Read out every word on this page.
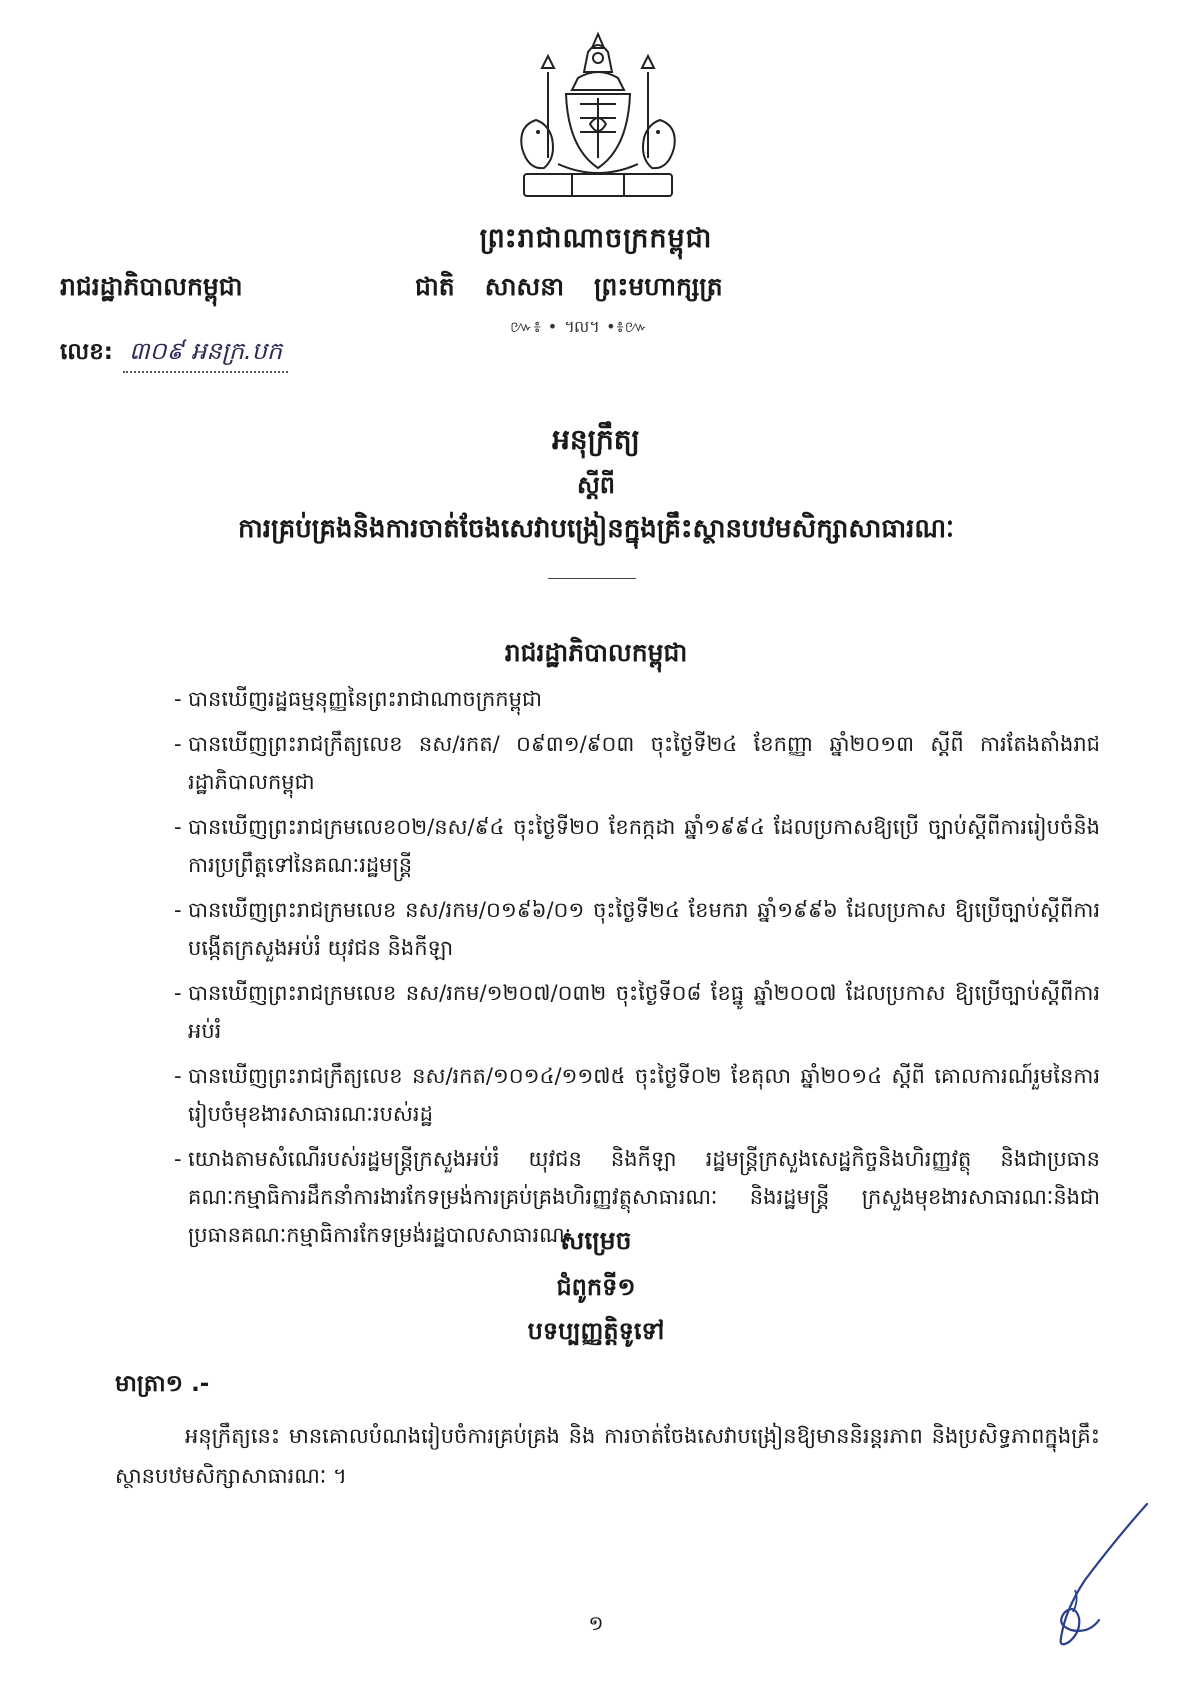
ព្រះរាជាណាចក្រកម្ពុជា
រាជរដ្ឋាភិបាលកម្ពុជា	ជាតិ សាសនា ព្រះមហាក្សត្រ
៚៖ • ៘ •៖៚
លេខ: ៣០៩ អនក្រ.បក
អនុក្រឹត្យ
ស្ដីពី
ការគ្រប់គ្រងនិងការចាត់ចែងសេវាបង្រៀនក្នុងគ្រឹះស្ថានបឋមសិក្សាសាធារណៈ
រាជរដ្ឋាភិបាលកម្ពុជា
- បានឃើញរដ្ឋធម្មនុញ្ញនៃព្រះរាជាណាចក្រកម្ពុជា
- បានឃើញព្រះរាជក្រឹត្យលេខ នស/រកត/ ០៩៣១/៩០៣ ចុះថ្ងៃទី២៤ ខែកញ្ញា ឆ្នាំ២០១៣ ស្ដីពី ការតែងតាំងរាជរដ្ឋាភិបាលកម្ពុជា
- បានឃើញព្រះរាជក្រមលេខ០២/នស/៩៤ ចុះថ្ងៃទី២០ ខែកក្កដា ឆ្នាំ១៩៩៤ ដែលប្រកាសឱ្យប្រើ ច្បាប់ស្ដីពីការរៀបចំនិងការប្រព្រឹត្តទៅនៃគណៈរដ្ឋមន្ត្រី
- បានឃើញព្រះរាជក្រមលេខ នស/រកម/០១៩៦/០១ ចុះថ្ងៃទី២៤ ខែមករា ឆ្នាំ១៩៩៦ ដែលប្រកាស ឱ្យប្រើច្បាប់ស្ដីពីការបង្កើតក្រសួងអប់រំ យុវជន និងកីឡា
- បានឃើញព្រះរាជក្រមលេខ នស/រកម/១២០៧/០៣២ ចុះថ្ងៃទី០៨ ខែធ្នូ ឆ្នាំ២០០៧ ដែលប្រកាស ឱ្យប្រើច្បាប់ស្ដីពីការអប់រំ
- បានឃើញព្រះរាជក្រឹត្យលេខ នស/រកត/១០១៤/១១៧៥ ចុះថ្ងៃទី០២ ខែតុលា ឆ្នាំ២០១៤ ស្ដីពី គោលការណ៍រួមនៃការរៀបចំមុខងារសាធារណៈរបស់រដ្ឋ
- យោងតាមសំណើរបស់រដ្ឋមន្ត្រីក្រសួងអប់រំ យុវជន និងកីឡា រដ្ឋមន្ត្រីក្រសួងសេដ្ឋកិច្ចនិងហិរញ្ញវត្ថុ និងជាប្រធានគណៈកម្មាធិការដឹកនាំការងារកែទម្រង់ការគ្រប់គ្រងហិរញ្ញវត្ថុសាធារណៈ និងរដ្ឋមន្ត្រី ក្រសួងមុខងារសាធារណៈនិងជាប្រធានគណៈកម្មាធិការកែទម្រង់រដ្ឋបាលសាធារណៈ
សម្រេច
ជំពូកទី១
បទប្បញ្ញត្តិទូទៅ
មាត្រា១ .-

អនុក្រឹត្យនេះ មានគោលបំណងរៀបចំការគ្រប់គ្រង និង ការចាត់ចែងសេវាបង្រៀនឱ្យមាននិរន្តរភាព និងប្រសិទ្ធភាពក្នុងគ្រឹះស្ថានបឋមសិក្សាសាធារណៈ ។

១
